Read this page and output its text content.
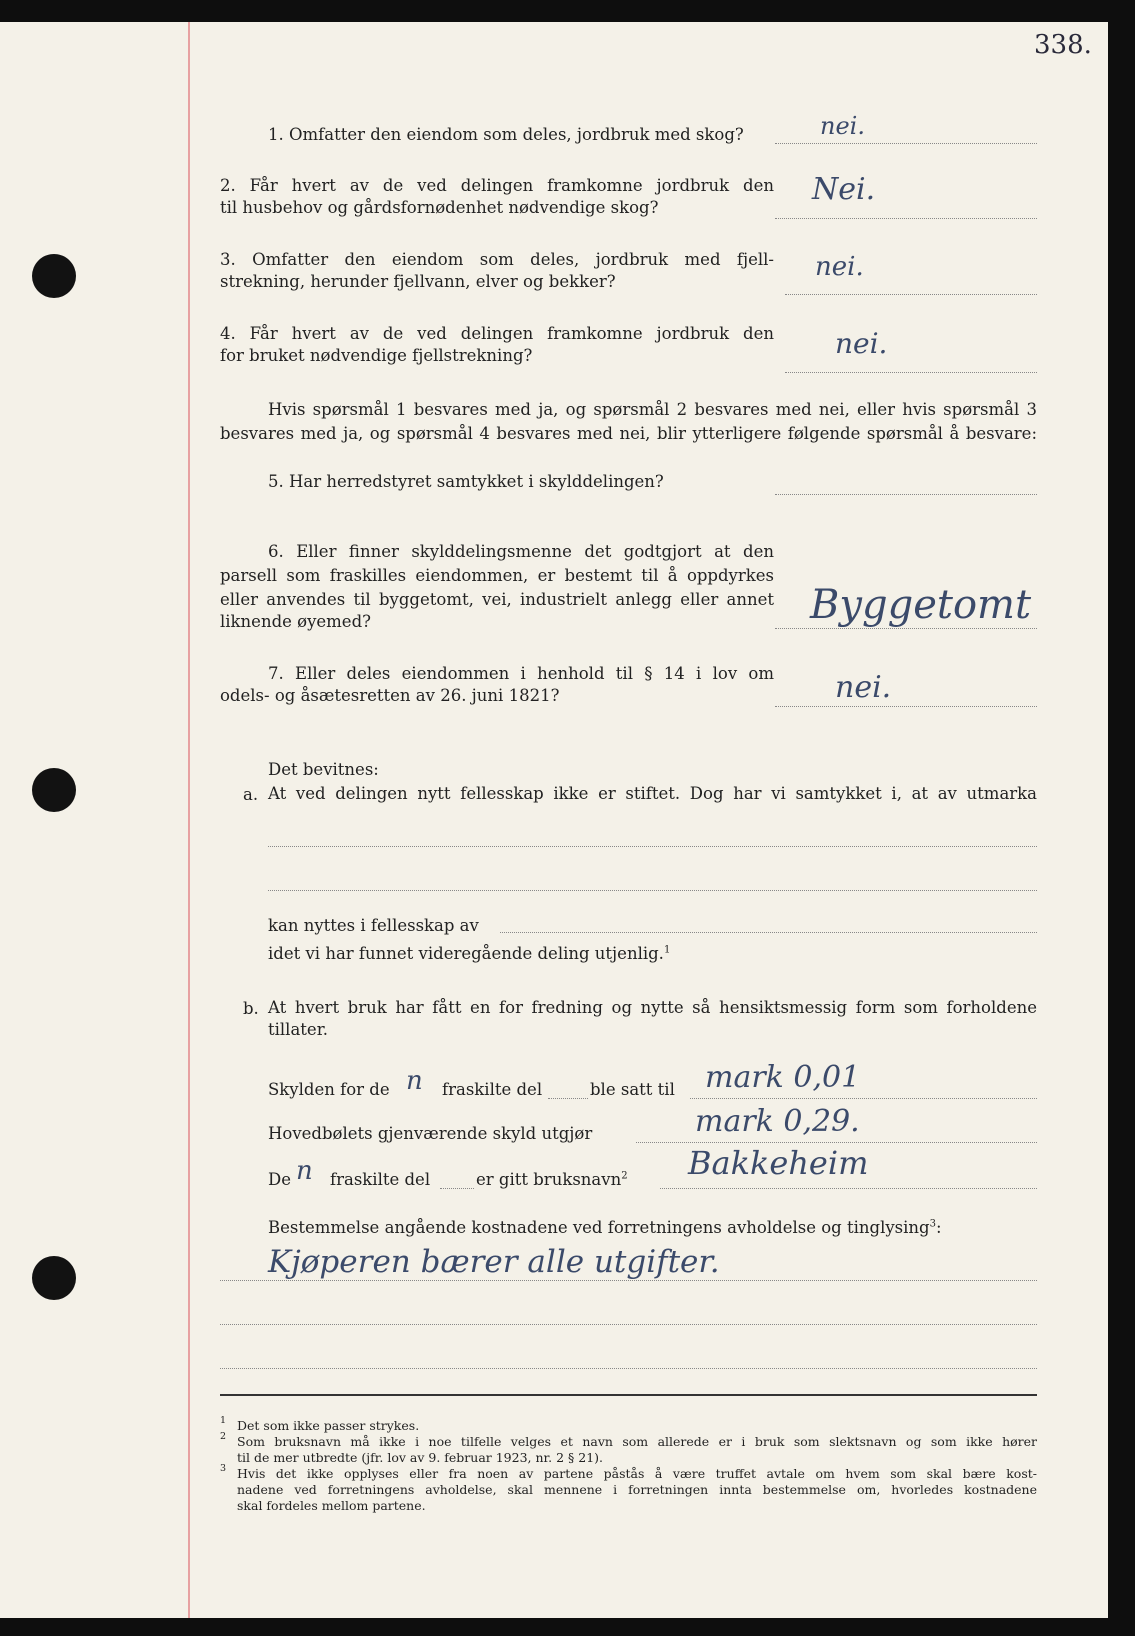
338.
1. Omfatter den eiendom som deles, jordbruk med skog?	nei.
2. Får hvert av de ved delingen framkomne jordbruk den
til husbehov og gårdsfornødenhet nødvendige skog?
Nei.
3. Omfatter den eiendom som deles, jordbruk med fjell-
strekning, herunder fjellvann, elver og bekker?	nei.
4. Får hvert av de ved delingen framkomne jordbruk den
for bruket nødvendige fjellstrekning?	nei.
Hvis spørsmål 1 besvares med ja, og spørsmål 2 besvares med nei, eller hvis spørsmål 3
besvares med ja, og spørsmål 4 besvares med nei, blir ytterligere følgende spørsmål å besvare:
5. Har herredstyret samtykket i skylddelingen?
6. Eller finner skylddelingsmenne det godtgjort at den
parsell som fraskilles eiendommen, er bestemt til å oppdyrkes
eller anvendes til byggetomt, vei, industrielt anlegg eller annet
liknende øyemed?	Byggetomt
7. Eller deles eiendommen i henhold til § 14 i lov om
odels- og åsætesretten av 26. juni 1821?	nei.
Det bevitnes:
a. At ved delingen nytt fellesskap ikke er stiftet. Dog har vi samtykket i, at av utmarka
kan nyttes i fellesskap av
idet vi har funnet videregående deling utjenlig.$^1$
b. At hvert bruk har fått en for fredning og nytte så hensiktsmessig form som forholdene
tillater.
Skylden for de n fraskilte del	ble satt til mark 0,01
Hovedbølets gjenværende skyld utgjør	mark 0,29.
De n fraskilte del	er gitt bruksnavn$^2$ Bakkeheim
Bestemmelse angående kostnadene ved forretningens avholdelse og tinglysing$^3$:
Kjøperen bærer alle utgifter.
1 Det som ikke passer strykes.
2 Som bruksnavn må ikke i noe tilfelle velges et navn som allerede er i bruk som slektsnavn og som ikke hører
til de mer utbredte (jfr. lov av 9. februar 1923, nr. 2 § 21).
3 Hvis det ikke opplyses eller fra noen av partene påstås å være truffet avtale om hvem som skal bære kost-
nadene ved forretningens avholdelse, skal mennene i forretningen innta bestemmelse om, hvorledes kostnadene
skal fordeles mellom partene.
